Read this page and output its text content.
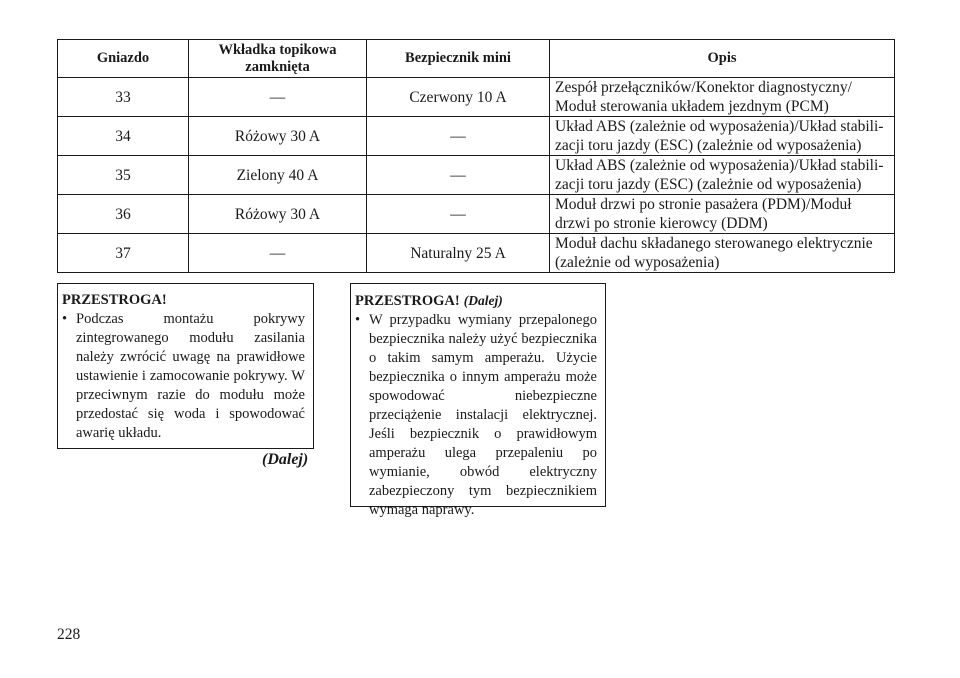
Gniazdo	Wkładka topikowa zamknięta	Bezpiecznik mini	Opis
33	—	Czerwony 10 A	Zespół przełączników/Konektor diagnostyczny/ Moduł sterowania układem jezdnym (PCM)
34	Różowy 30 A	—	Układ ABS (zależnie od wyposażenia)/Układ stabili- zacji toru jazdy (ESC) (zależnie od wyposażenia)
35	Zielony 40 A	—	Układ ABS (zależnie od wyposażenia)/Układ stabili- zacji toru jazdy (ESC) (zależnie od wyposażenia)
36	Różowy 30 A	—	Moduł drzwi po stronie pasażera (PDM)/Moduł drzwi po stronie kierowcy (DDM)
37	—	Naturalny 25 A	Moduł dachu składanego sterowanego elektrycznie (zależnie od wyposażenia)

PRZESTROGA!

• Podczas montażu pokrywy zintegrowanego modułu zasilania należy zwrócić uwagę na prawidłowe ustawienie i zamocowanie pokrywy. W przeciwnym razie do modułu może przedostać się woda i spowodować awarię układu.
(Dalej)

PRZESTROGA! (Dalej)

• W przypadku wymiany przepalonego bezpiecznika należy użyć bezpiecznika o takim samym amperażu. Użycie bezpiecznika o innym amperażu może spowodować niebezpieczne przeciążenie instalacji elektrycznej. Jeśli bezpiecznik o prawidłowym amperażu ulega przepaleniu po wymianie, obwód elektryczny zabezpieczony tym bezpiecznikiem wymaga naprawy.
228
